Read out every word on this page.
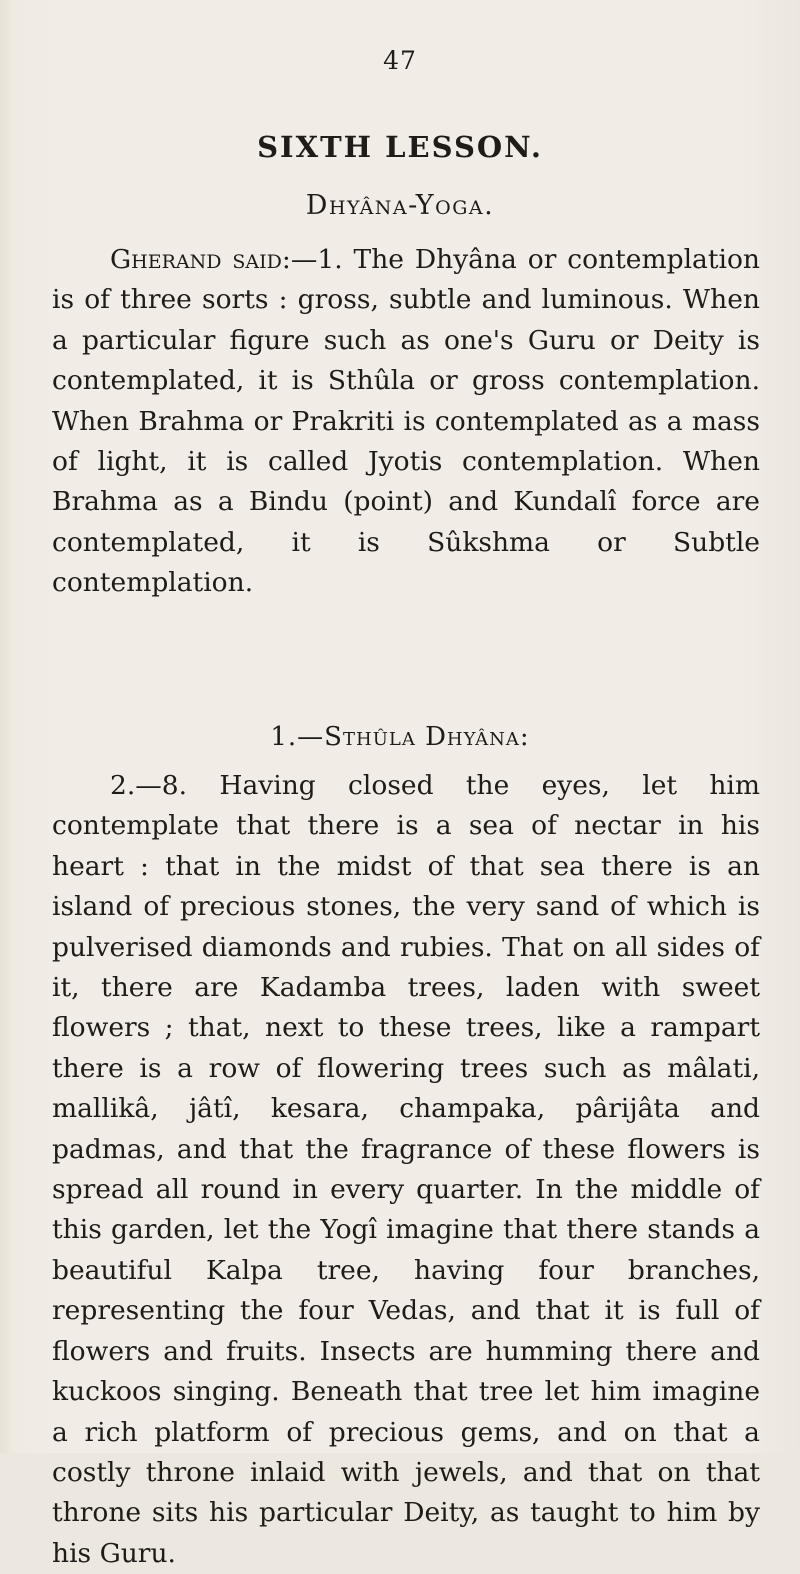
47
SIXTH LESSON.
Dhyâna-Yoga.
Gherand said:—1. The Dhyâna or contemplation is of three sorts : gross, subtle and luminous. When a particular figure such as one's Guru or Deity is contemplated, it is Sthûla or gross contemplation. When Brahma or Prakriti is contemplated as a mass of light, it is called Jyotis contemplation. When Brahma as a Bindu (point) and Kundalî force are contemplated, it is Sûkshma or Subtle contemplation.
1.—Sthûla Dhyâna:
2.—8. Having closed the eyes, let him contemplate that there is a sea of nectar in his heart : that in the midst of that sea there is an island of precious stones, the very sand of which is pulverised diamonds and rubies. That on all sides of it, there are Kadamba trees, laden with sweet flowers ; that, next to these trees, like a rampart there is a row of flowering trees such as mâlati, mallikâ, jâtî, kesara, champaka, pârijâta and padmas, and that the fragrance of these flowers is spread all round in every quarter. In the middle of this garden, let the Yogî imagine that there stands a beautiful Kalpa tree, having four branches, representing the four Vedas, and that it is full of flowers and fruits. Insects are humming there and kuckoos singing. Beneath that tree let him imagine a rich platform of precious gems, and on that a costly throne inlaid with jewels, and that on that throne sits his particular Deity, as taught to him by his Guru.
